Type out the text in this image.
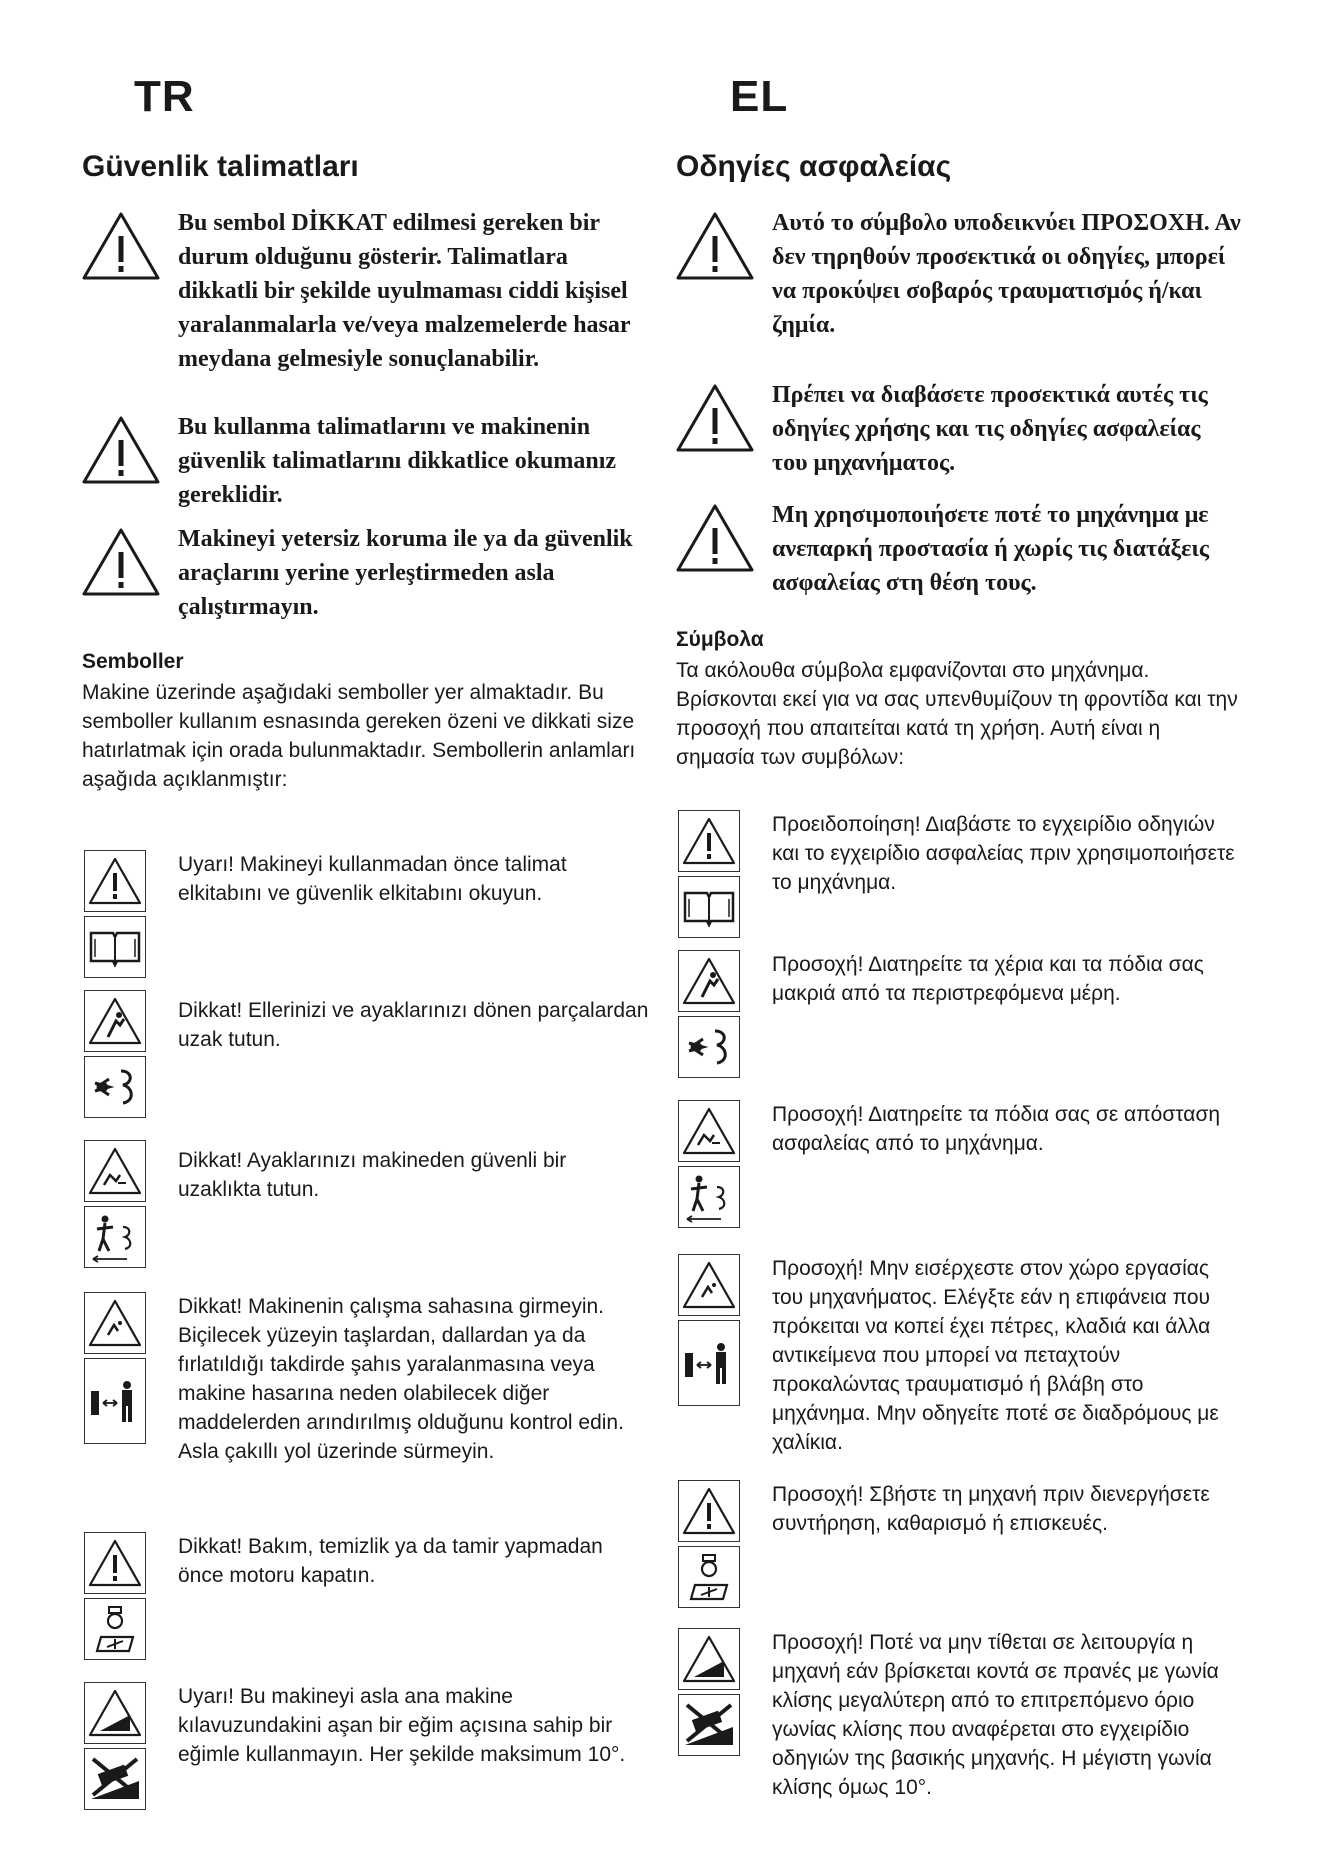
TR
Güvenlik talimatları
Bu sembol DİKKAT edilmesi gereken bir durum olduğunu gösterir. Talimatlara dikkatli bir şekilde uyulmaması ciddi kişisel yaralanmalarla ve/veya malzemelerde hasar meydana gelmesiyle sonuçlanabilir.
Bu kullanma talimatlarını ve makinenin güvenlik talimatlarını dikkatlice okumanız gereklidir.
Makineyi yetersiz koruma ile ya da güvenlik araçlarını yerine yerleştirmeden asla çalıştırmayın.
Semboller
Makine üzerinde aşağıdaki semboller yer almaktadır. Bu semboller kullanım esnasında gereken özeni ve dikkati size hatırlatmak için orada bulunmaktadır. Sembollerin anlamları aşağıda açıklanmıştır:
Uyarı! Makineyi kullanmadan önce talimat elkitabını ve güvenlik elkitabını okuyun.
Dikkat! Ellerinizi ve ayaklarınızı dönen parçalardan uzak tutun.
Dikkat! Ayaklarınızı makineden güvenli bir uzaklıkta tutun.
Dikkat! Makinenin çalışma sahasına girmeyin. Biçilecek yüzeyin taşlardan, dallardan ya da fırlatıldığı takdirde şahıs yaralanmasına veya makine hasarına neden olabilecek diğer maddelerden arındırılmış olduğunu kontrol edin. Asla çakıllı yol üzerinde sürmeyin.
Dikkat! Bakım, temizlik ya da tamir yapmadan önce motoru kapatın.
Uyarı! Bu makineyi asla ana makine kılavuzundakini aşan bir eğim açısına sahip bir eğimle kullanmayın. Her şekilde maksimum 10°.
EL
Οδηγίες ασφαλείας
Αυτό το σύμβολο υποδεικνύει ΠΡΟΣΟΧΗ. Αν δεν τηρηθούν προσεκτικά οι οδηγίες, μπορεί να προκύψει σοβαρός τραυματισμός ή/και ζημία.
Πρέπει να διαβάσετε προσεκτικά αυτές τις οδηγίες χρήσης και τις οδηγίες ασφαλείας του μηχανήματος.
Μη χρησιμοποιήσετε ποτέ το μηχάνημα με ανεπαρκή προστασία ή χωρίς τις διατάξεις ασφαλείας στη θέση τους.
Σύμβολα
Τα ακόλουθα σύμβολα εμφανίζονται στο μηχάνημα. Βρίσκονται εκεί για να σας υπενθυμίζουν τη φροντίδα και την προσοχή που απαιτείται κατά τη χρήση. Αυτή είναι η σημασία των συμβόλων:
Προειδοποίηση! Διαβάστε το εγχειρίδιο οδηγιών και το εγχειρίδιο ασφαλείας πριν χρησιμοποιήσετε το μηχάνημα.
Προσοχή! Διατηρείτε τα χέρια και τα πόδια σας μακριά από τα περιστρεφόμενα μέρη.
Προσοχή! Διατηρείτε τα πόδια σας σε απόσταση ασφαλείας από το μηχάνημα.
Προσοχή! Μην εισέρχεστε στον χώρο εργασίας του μηχανήματος. Ελέγξτε εάν η επιφάνεια που πρόκειται να κοπεί έχει πέτρες, κλαδιά και άλλα αντικείμενα που μπορεί να πεταχτούν προκαλώντας τραυματισμό ή βλάβη στο μηχάνημα. Μην οδηγείτε ποτέ σε διαδρόμους με χαλίκια.
Προσοχή! Σβήστε τη μηχανή πριν διενεργήσετε συντήρηση, καθαρισμό ή επισκευές.
Προσοχή! Ποτέ να μην τίθεται σε λειτουργία η μηχανή εάν βρίσκεται κοντά σε πρανές με γωνία κλίσης μεγαλύτερη από το επιτρεπόμενο όριο γωνίας κλίσης που αναφέρεται στο εγχειρίδιο οδηγιών της βασικής μηχανής. Η μέγιστη γωνία κλίσης όμως 10°.
